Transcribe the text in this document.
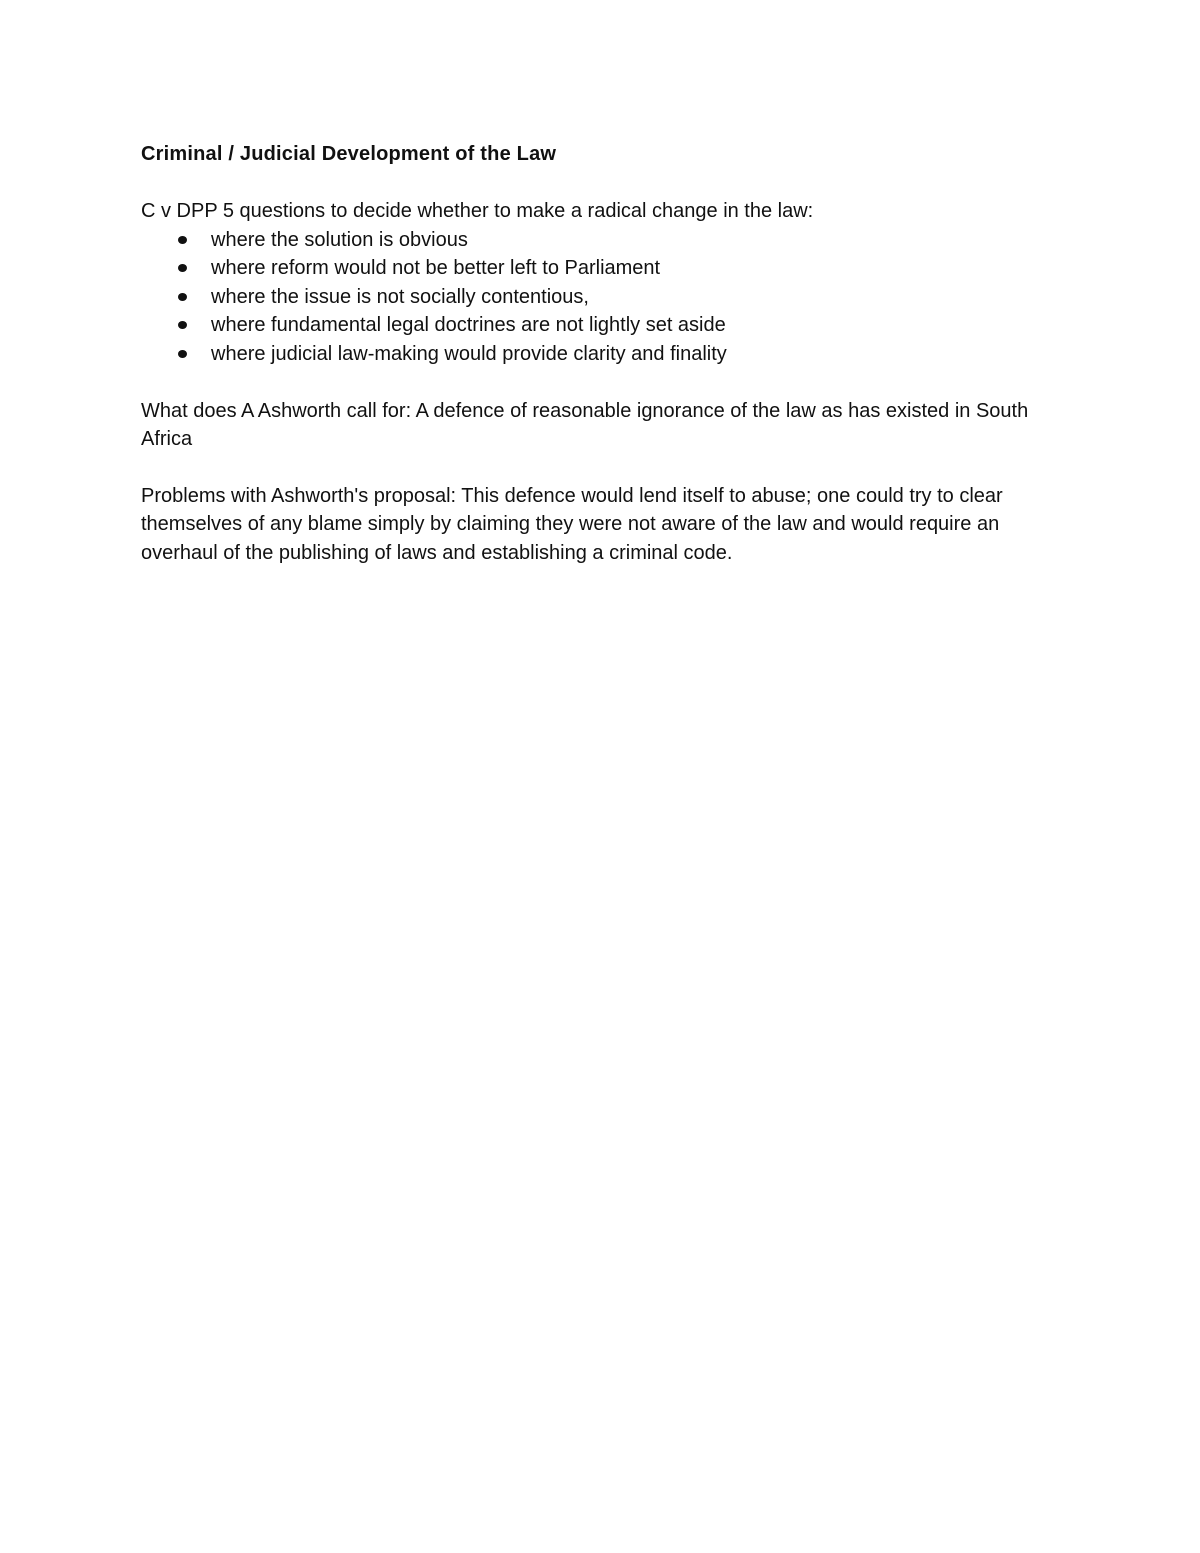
Criminal / Judicial Development of the Law

C v DPP 5 questions to decide whether to make a radical change in the law:

where the solution is obvious
where reform would not be better left to Parliament
where the issue is not socially contentious,
where fundamental legal doctrines are not lightly set aside
where judicial law-making would provide clarity and finality

What does A Ashworth call for: A defence of reasonable ignorance of the law as has existed in South Africa

Problems with Ashworth's proposal: This defence would lend itself to abuse; one could try to clear themselves of any blame simply by claiming they were not aware of the law and would require an overhaul of the publishing of laws and establishing a criminal code.
